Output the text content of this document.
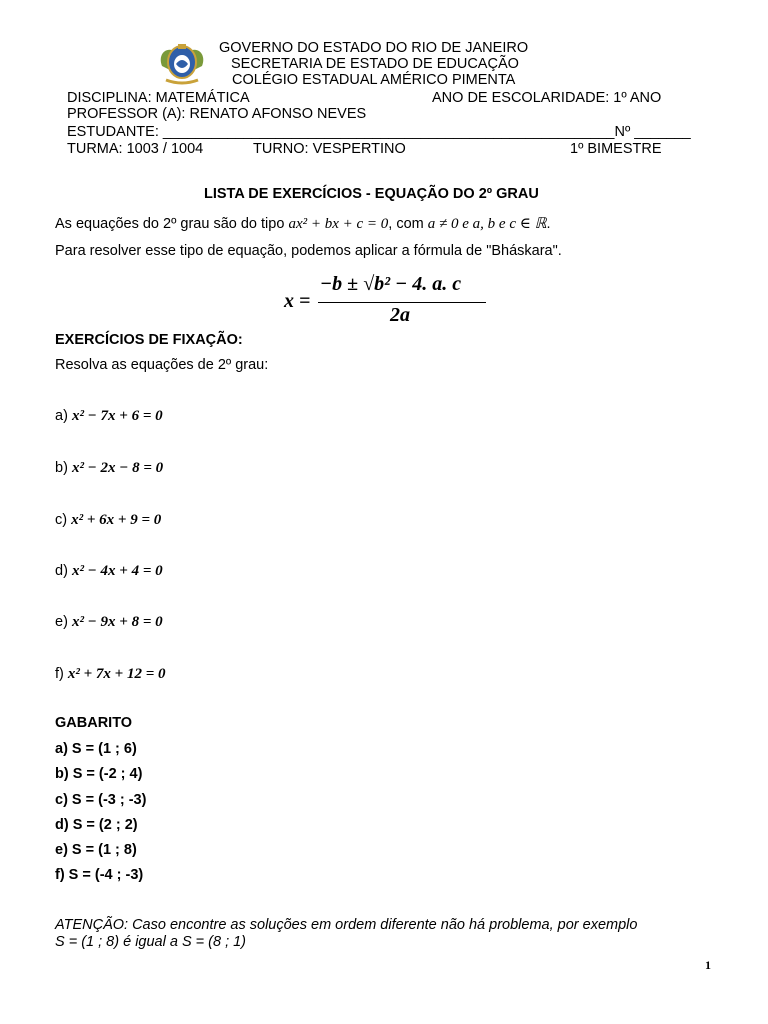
GOVERNO DO ESTADO DO RIO DE JANEIRO
SECRETARIA DE ESTADO DE EDUCAÇÃO
COLÉGIO ESTADUAL AMÉRICO PIMENTA
DISCIPLINA: MATEMÁTICA	ANO DE ESCOLARIDADE: 1º ANO
PROFESSOR (A): RENATO AFONSO NEVES
ESTUDANTE: ________________________________________________________Nº _______
TURMA: 1003 / 1004	TURNO: VESPERTINO	1º BIMESTRE
LISTA DE EXERCÍCIOS - EQUAÇÃO DO 2º GRAU
As equações do 2º grau são do tipo ax² + bx + c = 0, com a ≠ 0 e a, b e c ∈ ℝ.
Para resolver esse tipo de equação, podemos aplicar a fórmula de "Bháskara".
x =
−b ± √b² − 4. a. c
2a
EXERCÍCIOS DE FIXAÇÃO:
Resolva as equações de 2º grau:
a) x² − 7x + 6 = 0
b) x² − 2x − 8 = 0
c) x² + 6x + 9 = 0
d) x² − 4x + 4 = 0
e) x² − 9x + 8 = 0
f) x² + 7x + 12 = 0
GABARITO
a) S = (1 ; 6)
b) S = (-2 ; 4)
c) S = (-3 ; -3)
d) S = (2 ; 2)
e) S = (1 ; 8)
f) S = (-4 ; -3)
ATENÇÃO: Caso encontre as soluções em ordem diferente não há problema, por exemplo
S = (1 ; 8) é igual a S = (8 ; 1)
1
